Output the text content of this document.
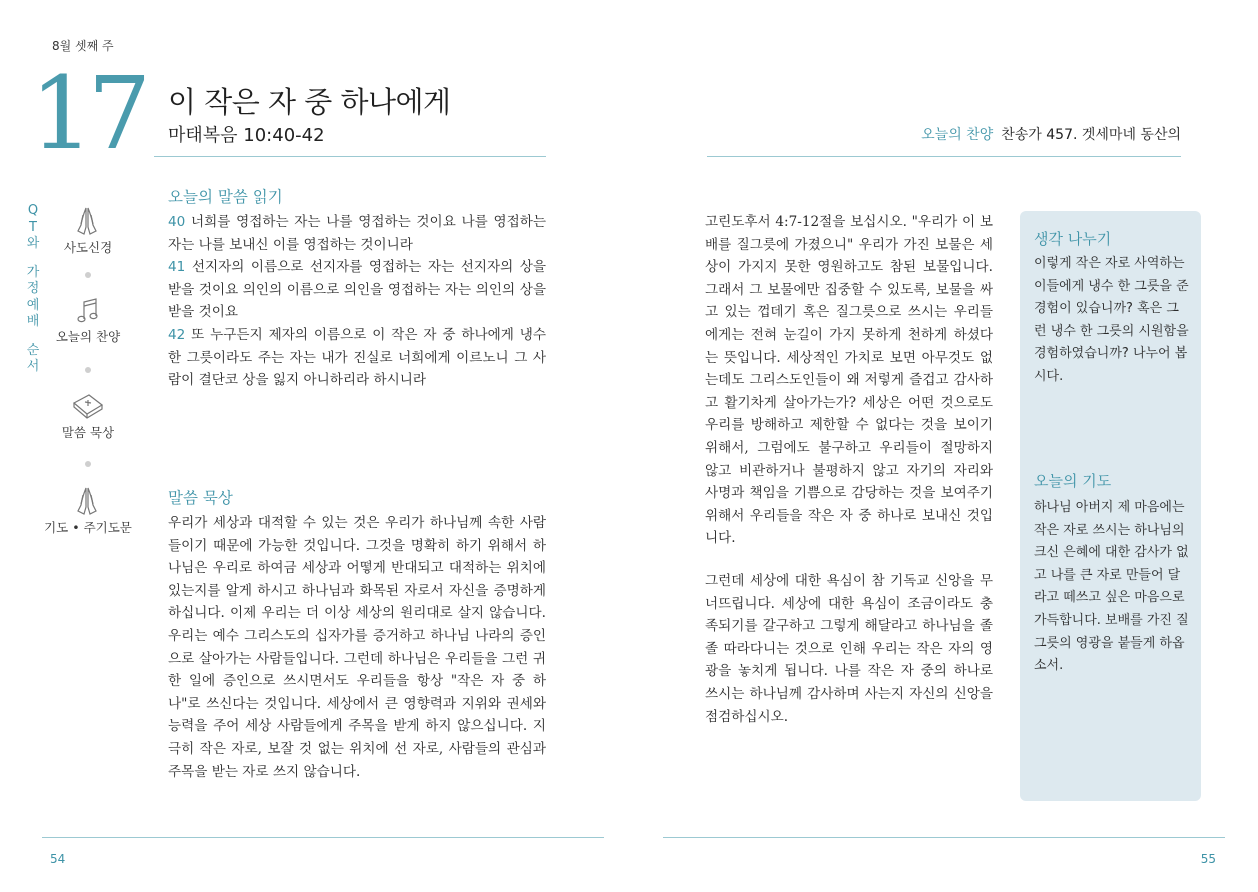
8월 셋째 주
17 이 작은 자 중 하나에게
마태복음 10:40-42	오늘의 찬양 찬송가 457. 겟세마네 동산의
Q
T
와
가
정
예
배
순
서
사도신경
오늘의 찬양
말씀 묵상
기도 • 주기도문
오늘의 말씀 읽기
40 너희를 영접하는 자는 나를 영접하는 것이요 나를 영접하는 자는 나를 보내신 이를 영접하는 것이니라
41 선지자의 이름으로 선지자를 영접하는 자는 선지자의 상을 받을 것이요 의인의 이름으로 의인을 영접하는 자는 의인의 상을 받을 것이요
42 또 누구든지 제자의 이름으로 이 작은 자 중 하나에게 냉수 한 그릇이라도 주는 자는 내가 진실로 너희에게 이르노니 그 사람이 결단코 상을 잃지 아니하리라 하시니라
말씀 묵상
우리가 세상과 대적할 수 있는 것은 우리가 하나님께 속한 사람들이기 때문에 가능한 것입니다. 그것을 명확히 하기 위해서 하나님은 우리로 하여금 세상과 어떻게 반대되고 대적하는 위치에 있는지를 알게 하시고 하나님과 화목된 자로서 자신을 증명하게 하십니다. 이제 우리는 더 이상 세상의 원리대로 살지 않습니다. 우리는 예수 그리스도의 십자가를 증거하고 하나님 나라의 증인으로 살아가는 사람들입니다. 그런데 하나님은 우리들을 그런 귀한 일에 증인으로 쓰시면서도 우리들을 항상 "작은 자 중 하나"로 쓰신다는 것입니다. 세상에서 큰 영향력과 지위와 권세와 능력을 주어 세상 사람들에게 주목을 받게 하지 않으십니다. 지극히 작은 자로, 보잘 것 없는 위치에 선 자로, 사람들의 관심과 주목을 받는 자로 쓰지 않습니다.
고린도후서 4:7-12절을 보십시오. "우리가 이 보배를 질그릇에 가졌으니" 우리가 가진 보물은 세상이 가지지 못한 영원하고도 참된 보물입니다. 그래서 그 보물에만 집중할 수 있도록, 보물을 싸고 있는 껍데기 혹은 질그릇으로 쓰시는 우리들에게는 전혀 눈길이 가지 못하게 천하게 하셨다는 뜻입니다. 세상적인 가치로 보면 아무것도 없는데도 그리스도인들이 왜 저렇게 즐겁고 감사하고 활기차게 살아가는가? 세상은 어떤 것으로도 우리를 방해하고 제한할 수 없다는 것을 보이기 위해서, 그럼에도 불구하고 우리들이 절망하지 않고 비관하거나 불평하지 않고 자기의 자리와 사명과 책임을 기쁨으로 감당하는 것을 보여주기 위해서 우리들을 작은 자 중 하나로 보내신 것입니다.
그런데 세상에 대한 욕심이 참 기독교 신앙을 무너뜨립니다. 세상에 대한 욕심이 조금이라도 충족되기를 갈구하고 그렇게 해달라고 하나님을 졸졸 따라다니는 것으로 인해 우리는 작은 자의 영광을 놓치게 됩니다. 나를 작은 자 중의 하나로 쓰시는 하나님께 감사하며 사는지 자신의 신앙을 점검하십시오.
생각 나누기
이렇게 작은 자로 사역하는 이들에게 냉수 한 그릇을 준 경험이 있습니까? 혹은 그런 냉수 한 그릇의 시원함을 경험하였습니까? 나누어 봅시다.
오늘의 기도
하나님 아버지 제 마음에는 작은 자로 쓰시는 하나님의 크신 은혜에 대한 감사가 없고 나를 큰 자로 만들어 달라고 떼쓰고 싶은 마음으로 가득합니다. 보배를 가진 질그릇의 영광을 붙들게 하옵소서.
54	55
